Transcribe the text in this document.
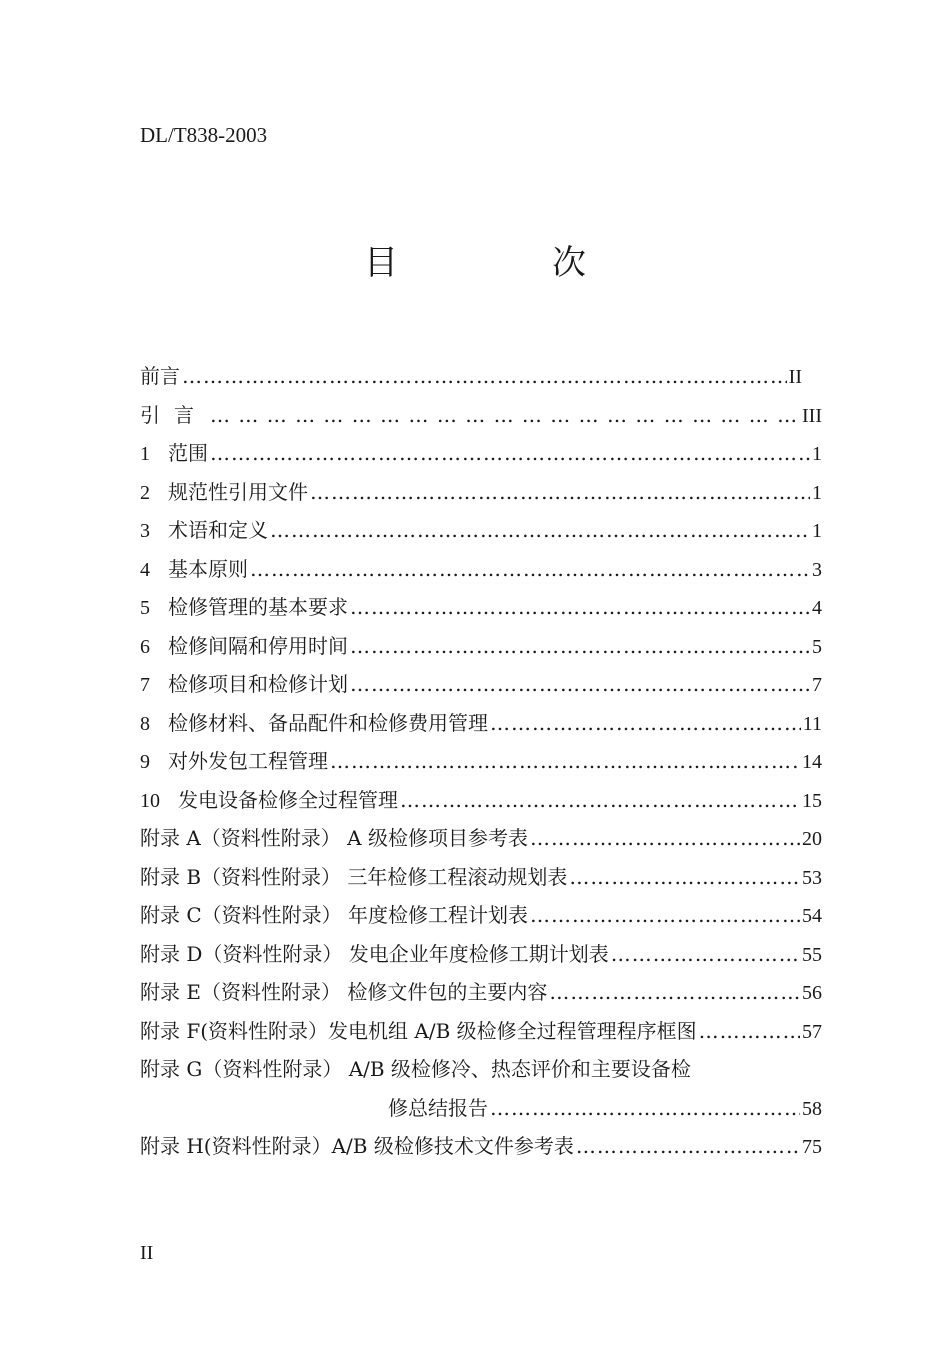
DL/T838-2003
目　次
前言 ……………………………………………………………………………………………………………………………………………	II
引言 … … … … … … … … … … … … … … … … … … … … … … … … … … … …	III
1 范围 ……………………………………………………………………………………………………………………………………………	1
2 规范性引用文件 ……………………………………………………………………………………………………………………………………………	1
3 术语和定义 ……………………………………………………………………………………………………………………………………………	1
4 基本原则 ……………………………………………………………………………………………………………………………………………	3
5 检修管理的基本要求 ……………………………………………………………………………………………………………………………………………	4
6 检修间隔和停用时间 ……………………………………………………………………………………………………………………………………………	5
7 检修项目和检修计划 ……………………………………………………………………………………………………………………………………………	7
8 检修材料、备品配件和检修费用管理 ……………………………………………………………………………………………………………………………………………	11
9 对外发包工程管理 ……………………………………………………………………………………………………………………………………………	14
10 发电设备检修全过程管理 ……………………………………………………………………………………………………………………………………………	15
附录 A（资料性附录） A 级检修项目参考表 ……………………………………………………………………………………………………………………………………………	20
附录 B（资料性附录） 三年检修工程滚动规划表 ……………………………………………………………………………………………………………………………………………	53
附录 C（资料性附录） 年度检修工程计划表 ……………………………………………………………………………………………………………………………………………	54
附录 D（资料性附录） 发电企业年度检修工期计划表 ……………………………………………………………………………………………………………………………………………	55
附录 E（资料性附录） 检修文件包的主要内容 ……………………………………………………………………………………………………………………………………………	56
附录 F(资料性附录）发电机组 A/B 级检修全过程管理程序框图 ……………………………………………………………………………………………………………………………………………	57
附录 G（资料性附录） A/B 级检修冷、热态评价和主要设备检
修总结报告 ……………………………………………………………………………………………………………………………………………	58
附录 H(资料性附录）A/B 级检修技术文件参考表 ……………………………………………………………………………………………………………………………………………	75
II
